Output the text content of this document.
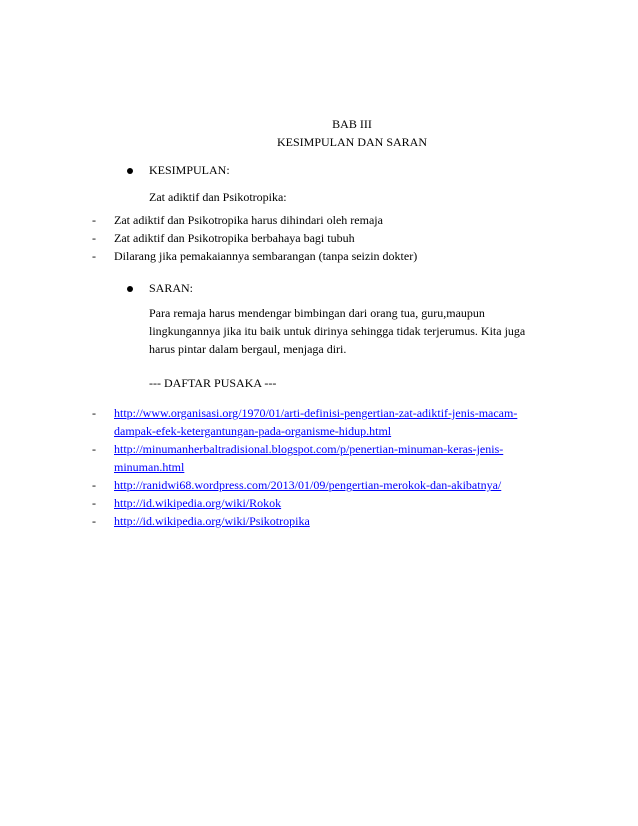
BAB III
KESIMPULAN DAN SARAN
KESIMPULAN:
Zat adiktif dan Psikotropika:
- Zat adiktif dan Psikotropika harus dihindari oleh remaja
- Zat adiktif dan Psikotropika berbahaya bagi tubuh
- Dilarang jika pemakaiannya sembarangan (tanpa seizin dokter)
SARAN:
Para remaja harus mendengar bimbingan dari orang tua, guru,maupun
lingkungannya jika itu baik untuk dirinya sehingga tidak terjerumus. Kita juga
harus pintar dalam bergaul, menjaga diri.
--- DAFTAR PUSAKA ---
- http://www.organisasi.org/1970/01/arti-definisi-pengertian-zat-adiktif-jenis-macam-
dampak-efek-ketergantungan-pada-organisme-hidup.html
- http://minumanherbaltradisional.blogspot.com/p/penertian-minuman-keras-jenis-
minuman.html
- http://ranidwi68.wordpress.com/2013/01/09/pengertian-merokok-dan-akibatnya/
- http://id.wikipedia.org/wiki/Rokok
- http://id.wikipedia.org/wiki/Psikotropika
